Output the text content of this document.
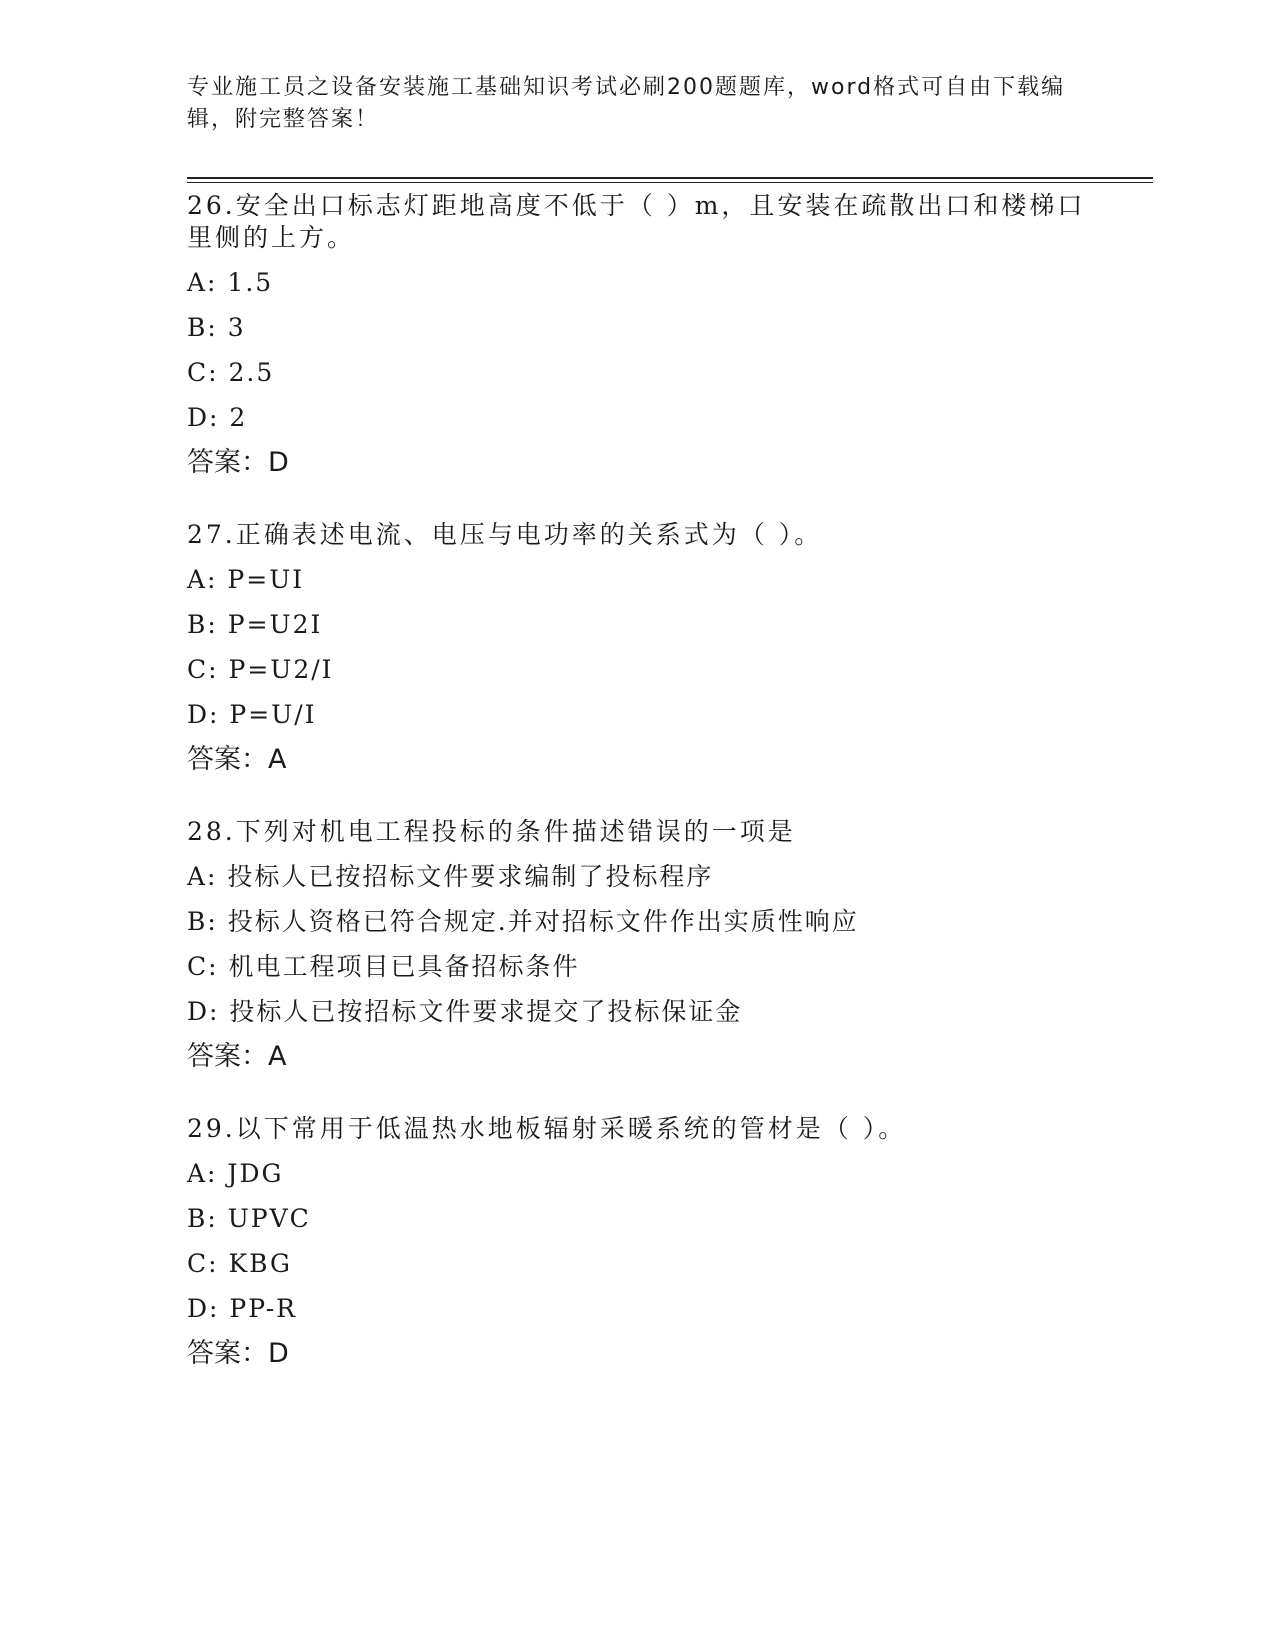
专业施工员之设备安装施工基础知识考试必刷200题题库，word格式可自由下载编辑，附完整答案！

26.安全出口标志灯距地高度不低于（ ）m，且安装在疏散出口和楼梯口里侧的上方。

A: 1.5

B: 3

C: 2.5

D: 2

答案：D

27.正确表述电流、电压与电功率的关系式为（ ）。

A: P=UI

B: P=U2I

C: P=U2/I

D: P=U/I

答案：A

28.下列对机电工程投标的条件描述错误的一项是

A: 投标人已按招标文件要求编制了投标程序

B: 投标人资格已符合规定.并对招标文件作出实质性响应

C: 机电工程项目已具备招标条件

D: 投标人已按招标文件要求提交了投标保证金

答案：A

29.以下常用于低温热水地板辐射采暖系统的管材是（ ）。

A: JDG

B: UPVC

C: KBG

D: PP-R

答案：D
